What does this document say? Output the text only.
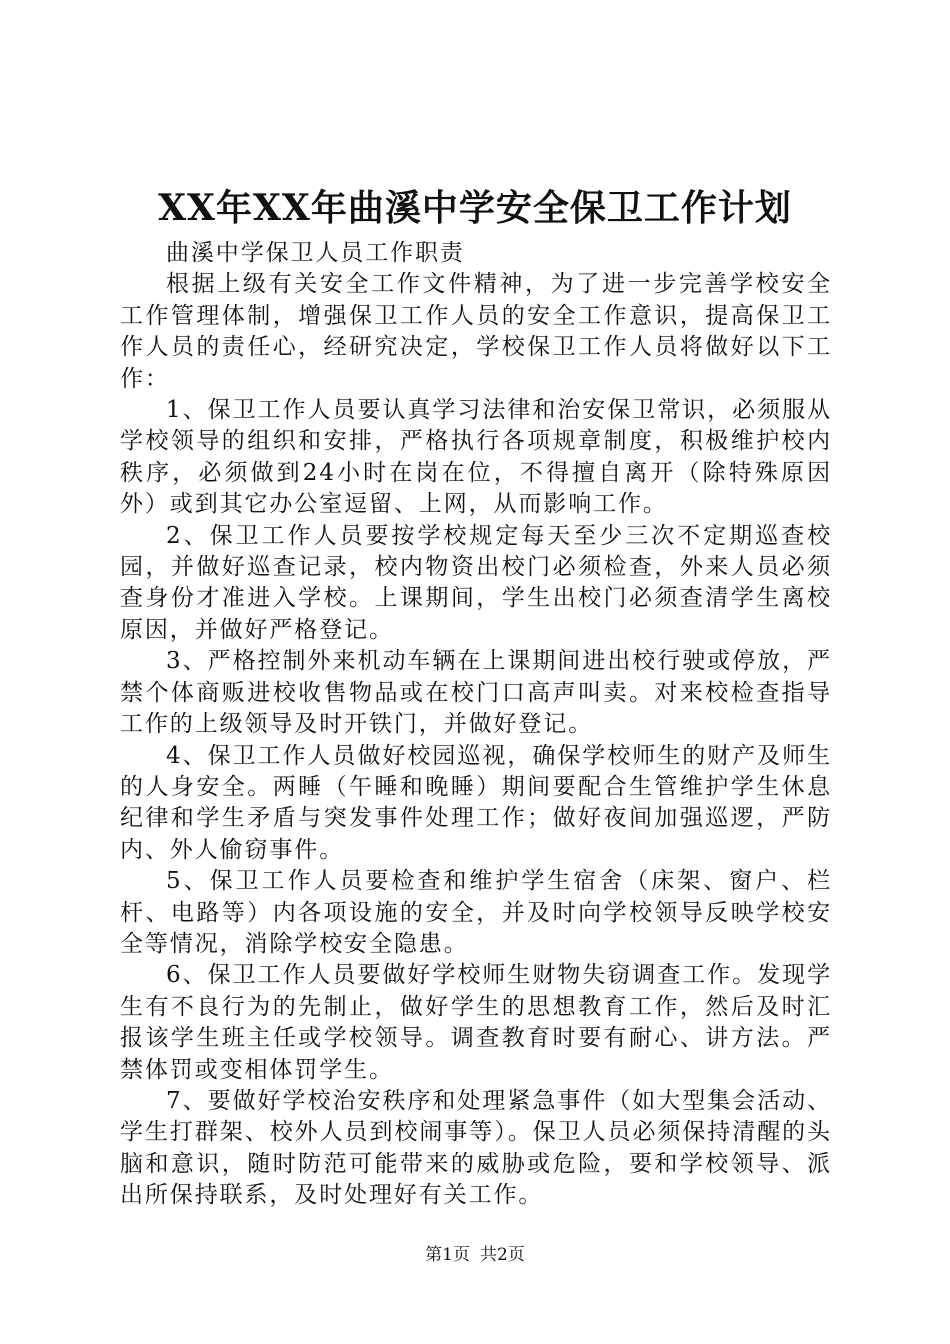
XX年XX年曲溪中学安全保卫工作计划

曲溪中学保卫人员工作职责

根据上级有关安全工作文件精神，为了进一步完善学校安全工作管理体制，增强保卫工作人员的安全工作意识，提高保卫工作人员的责任心，经研究决定，学校保卫工作人员将做好以下工作：

1、保卫工作人员要认真学习法律和治安保卫常识，必须服从学校领导的组织和安排，严格执行各项规章制度，积极维护校内秩序，必须做到24小时在岗在位，不得擅自离开（除特殊原因外）或到其它办公室逗留、上网，从而影响工作。

2、保卫工作人员要按学校规定每天至少三次不定期巡查校园，并做好巡查记录，校内物资出校门必须检查，外来人员必须查身份才准进入学校。上课期间，学生出校门必须查清学生离校原因，并做好严格登记。

3、严格控制外来机动车辆在上课期间进出校行驶或停放，严禁个体商贩进校收售物品或在校门口高声叫卖。对来校检查指导工作的上级领导及时开铁门，并做好登记。

4、保卫工作人员做好校园巡视，确保学校师生的财产及师生的人身安全。两睡（午睡和晚睡）期间要配合生管维护学生休息纪律和学生矛盾与突发事件处理工作；做好夜间加强巡逻，严防内、外人偷窃事件。

5、保卫工作人员要检查和维护学生宿舍（床架、窗户、栏杆、电路等）内各项设施的安全，并及时向学校领导反映学校安全等情况，消除学校安全隐患。

6、保卫工作人员要做好学校师生财物失窃调查工作。发现学生有不良行为的先制止，做好学生的思想教育工作，然后及时汇报该学生班主任或学校领导。调查教育时要有耐心、讲方法。严禁体罚或变相体罚学生。

7、要做好学校治安秩序和处理紧急事件（如大型集会活动、学生打群架、校外人员到校闹事等）。保卫人员必须保持清醒的头脑和意识，随时防范可能带来的威胁或危险，要和学校领导、派出所保持联系，及时处理好有关工作。

第1页 共2页
